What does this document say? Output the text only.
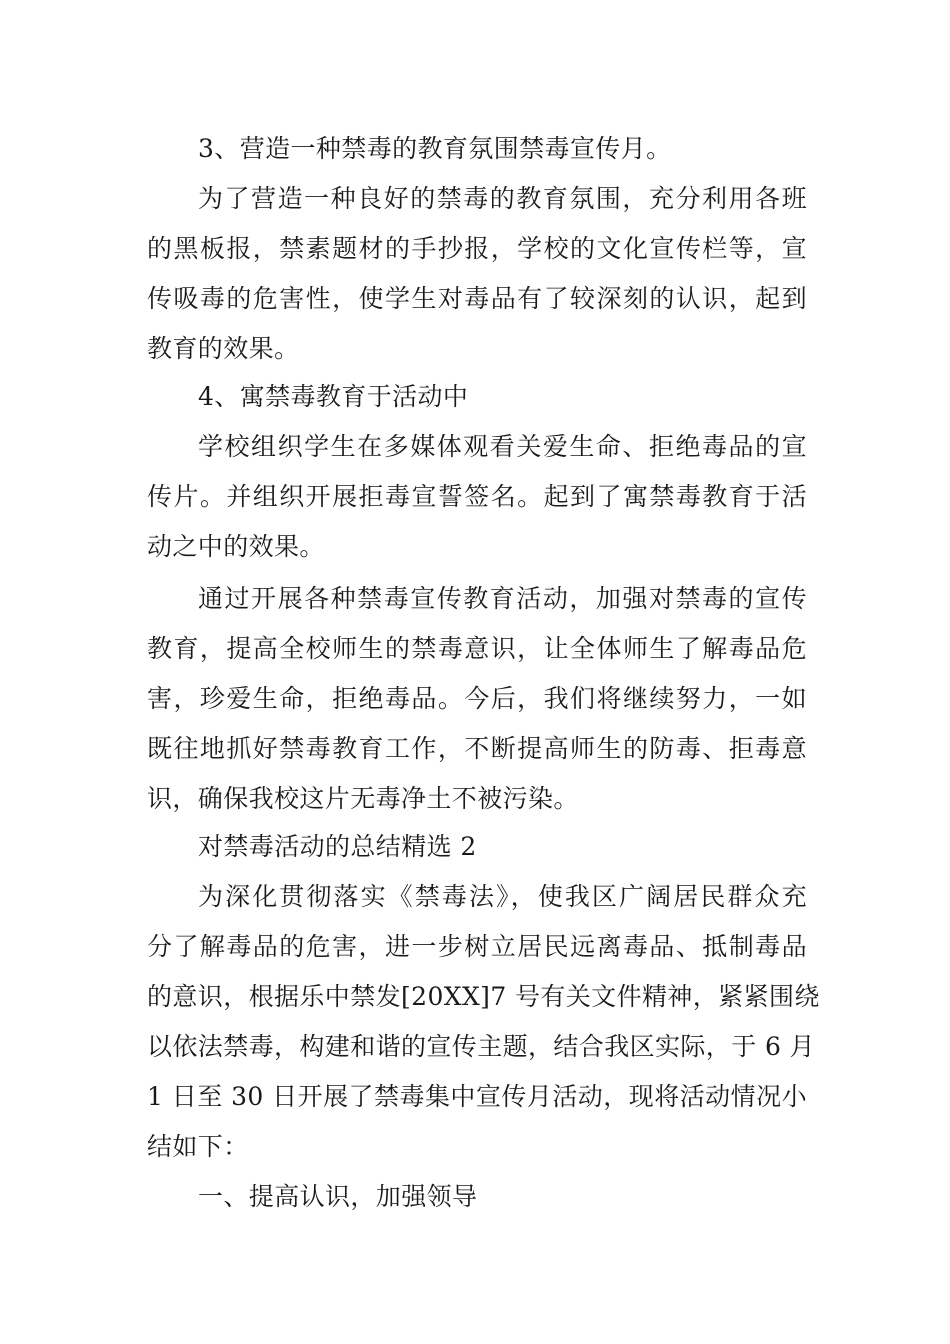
3、营造一种禁毒的教育氛围禁毒宣传月。
为了营造一种良好的禁毒的教育氛围，充分利用各班
的黑板报，禁素题材的手抄报，学校的文化宣传栏等，宣
传吸毒的危害性，使学生对毒品有了较深刻的认识，起到
教育的效果。
4、寓禁毒教育于活动中
学校组织学生在多媒体观看关爱生命、拒绝毒品的宣
传片。并组织开展拒毒宣誓签名。起到了寓禁毒教育于活
动之中的效果。
通过开展各种禁毒宣传教育活动，加强对禁毒的宣传
教育，提高全校师生的禁毒意识，让全体师生了解毒品危
害，珍爱生命，拒绝毒品。今后，我们将继续努力，一如
既往地抓好禁毒教育工作，不断提高师生的防毒、拒毒意
识，确保我校这片无毒净土不被污染。
对禁毒活动的总结精选 2
为深化贯彻落实《禁毒法》，使我区广阔居民群众充
分了解毒品的危害，进一步树立居民远离毒品、抵制毒品
的意识，根据乐中禁发[20XX]7 号有关文件精神，紧紧围绕
以依法禁毒，构建和谐的宣传主题，结合我区实际，于 6 月
1 日至 30 日开展了禁毒集中宣传月活动，现将活动情况小
结如下：
一、提高认识，加强领导
